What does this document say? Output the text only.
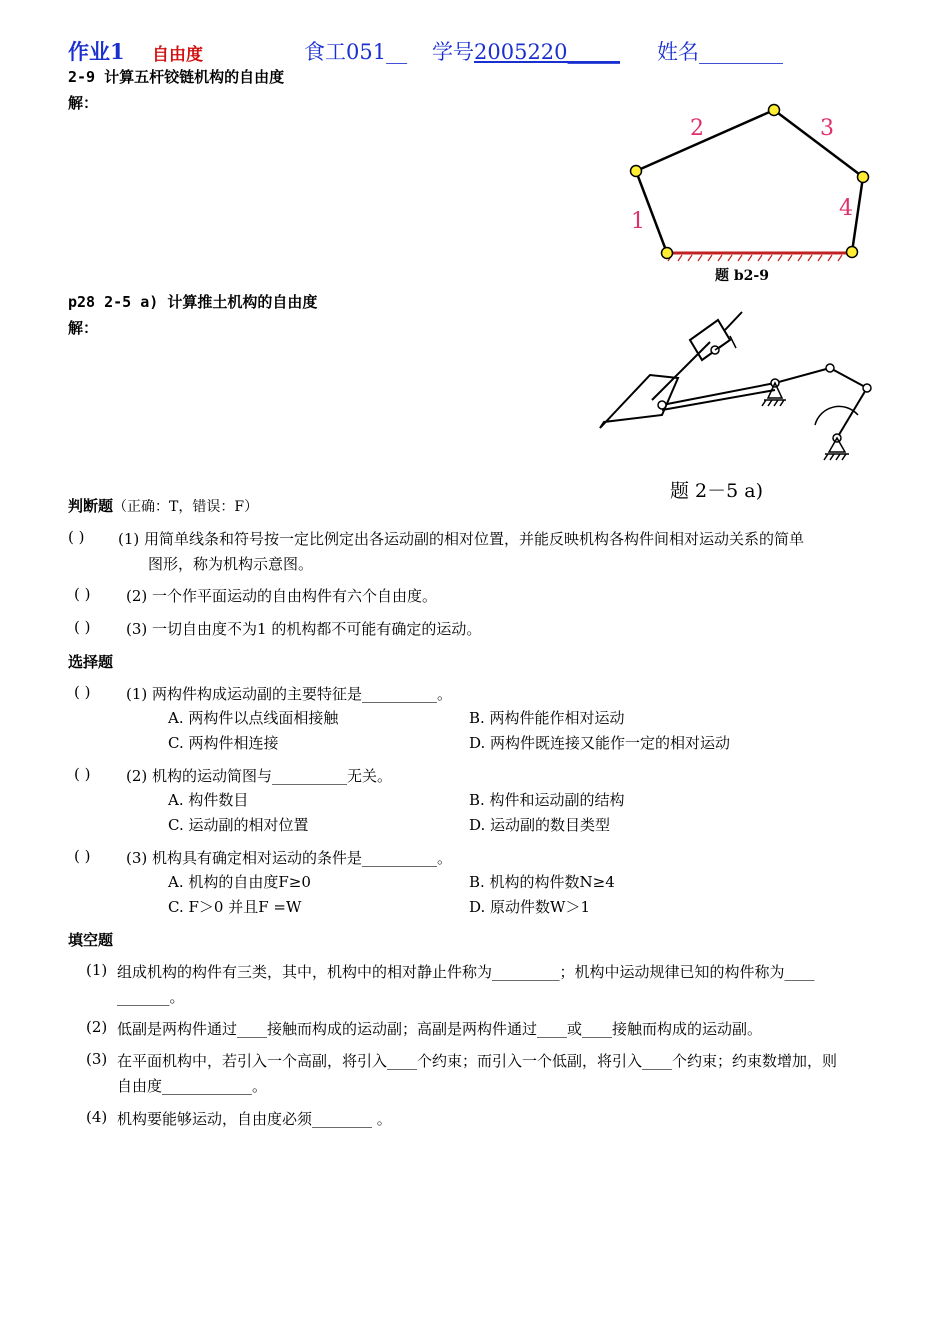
作业1 自由度	食工051__ 学号2005220_____ 姓名________
2-9 计算五杆铰链机构的自由度
解：
1
2	3
4
题 b2-9
p28 2-5 a) 计算推土机构的自由度
解：
题 2－5 a)
判断题（正确：T，错误：F）
( ) (1) 用简单线条和符号按一定比例定出各运动副的相对位置，并能反映机构各构件间相对运动关系的简单
图形，称为机构示意图。
( ) (2) 一个作平面运动的自由构件有六个自由度。
( ) (3) 一切自由度不为1 的机构都不可能有确定的运动。
选择题
( ) (1) 两构件构成运动副的主要特征是__________。
A. 两构件以点线面相接触	B. 两构件能作相对运动
C. 两构件相连接	D. 两构件既连接又能作一定的相对运动
( ) (2) 机构的运动简图与__________无关。
A. 构件数目	B. 构件和运动副的结构
C. 运动副的相对位置	D. 运动副的数目类型
( ) (3) 机构具有确定相对运动的条件是__________。
A. 机构的自由度F≥0	B. 机构的构件数N≥4
C. F＞0 并且F =W	D. 原动件数W＞1
填空题
(1) 组成机构的构件有三类，其中，机构中的相对静止件称为_________；机构中运动规律已知的构件称为____
_______。
(2) 低副是两构件通过____接触而构成的运动副；高副是两构件通过____或____接触而构成的运动副。
(3) 在平面机构中，若引入一个高副，将引入____个约束；而引入一个低副，将引入____个约束；约束数增加，则
自由度____________。
(4) 机构要能够运动，自由度必须________ 。
